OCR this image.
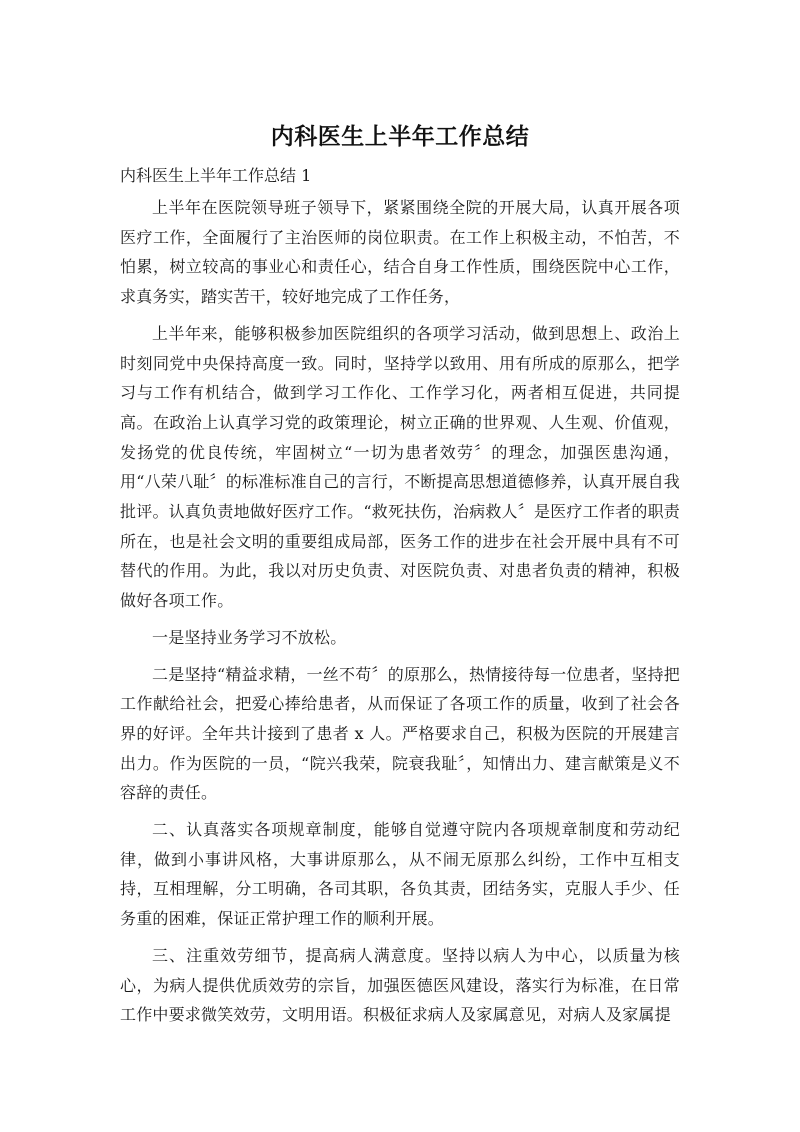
内科医生上半年工作总结
内科医生上半年工作总结 1

上半年在医院领导班子领导下，紧紧围绕全院的开展大局，认真开展各项医疗工作，全面履行了主治医师的岗位职责。在工作上积极主动，不怕苦，不怕累，树立较高的事业心和责任心，结合自身工作性质，围绕医院中心工作，求真务实，踏实苦干，较好地完成了工作任务，

上半年来，能够积极参加医院组织的各项学习活动，做到思想上、政治上时刻同党中央保持高度一致。同时，坚持学以致用、用有所成的原那么，把学习与工作有机结合，做到学习工作化、工作学习化，两者相互促进，共同提高。在政治上认真学习党的政策理论，树立正确的世界观、人生观、价值观，发扬党的优良传统，牢固树立“一切为患者效劳〞的理念，加强医患沟通，用“八荣八耻〞的标准标准自己的言行，不断提高思想道德修养，认真开展自我批评。认真负责地做好医疗工作。“救死扶伤，治病救人〞是医疗工作者的职责所在，也是社会文明的重要组成局部，医务工作的进步在社会开展中具有不可替代的作用。为此，我以对历史负责、对医院负责、对患者负责的精神，积极做好各项工作。

一是坚持业务学习不放松。

二是坚持“精益求精，一丝不苟〞的原那么，热情接待每一位患者，坚持把工作献给社会，把爱心捧给患者，从而保证了各项工作的质量，收到了社会各界的好评。全年共计接到了患者 x 人。严格要求自己，积极为医院的开展建言出力。作为医院的一员，“院兴我荣，院衰我耻〞，知情出力、建言献策是义不容辞的责任。

二、认真落实各项规章制度，能够自觉遵守院内各项规章制度和劳动纪律，做到小事讲风格，大事讲原那么，从不闹无原那么纠纷，工作中互相支持，互相理解，分工明确，各司其职，各负其责，团结务实，克服人手少、任务重的困难，保证正常护理工作的顺利开展。

三、注重效劳细节，提高病人满意度。坚持以病人为中心，以质量为核心，为病人提供优质效劳的宗旨，加强医德医风建设，落实行为标准，在日常工作中要求微笑效劳，文明用语。积极征求病人及家属意见，对病人及家属提
